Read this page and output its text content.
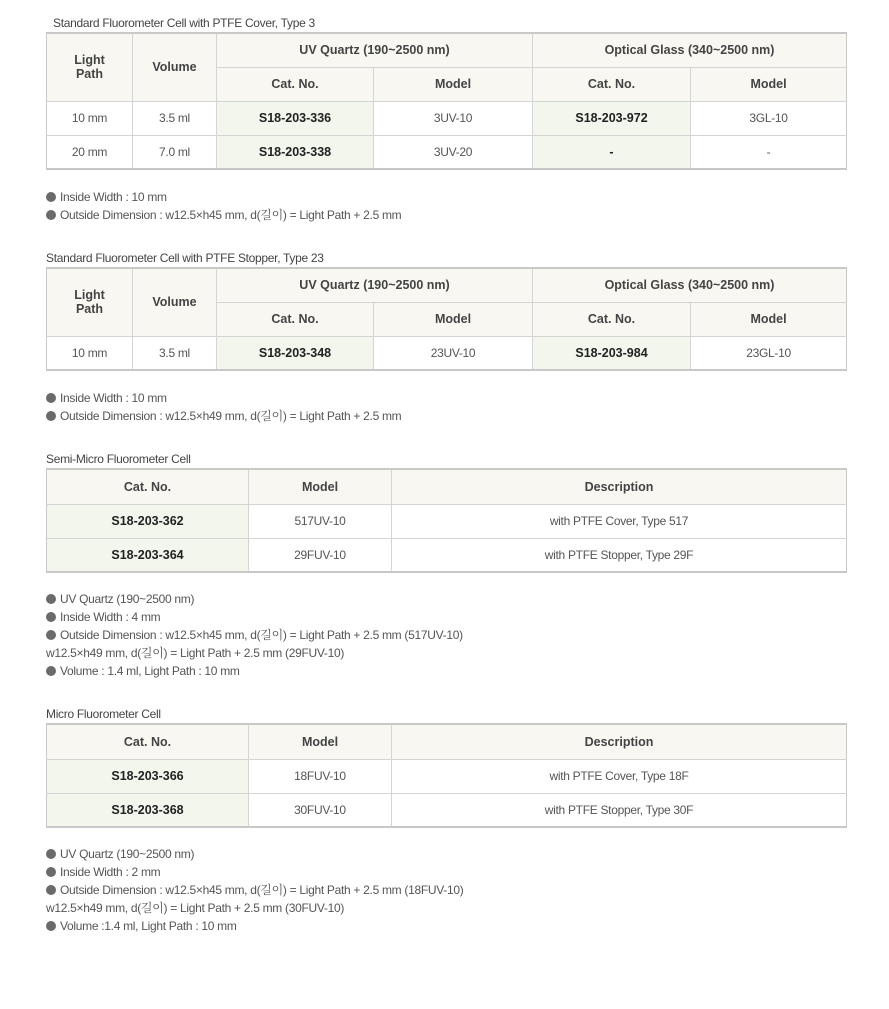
Standard Fluorometer Cell with PTFE Cover, Type 3
Light
Path	Volume	UV Quartz (190~2500 nm)		Optical Glass (340~2500 nm)	
		Cat. No.	Model	Cat. No.	Model
10 mm	3.5 ml	S18-203-336	3UV-10	S18-203-972	3GL-10
20 mm	7.0 ml	S18-203-338	3UV-20	-	-
Inside Width : 10 mm
Outside Dimension : w12.5×h45 mm, d(길이) = Light Path + 2.5 mm
Standard Fluorometer Cell with PTFE Stopper, Type 23
Light
Path	Volume	UV Quartz (190~2500 nm)		Optical Glass (340~2500 nm)	
		Cat. No.	Model	Cat. No.	Model
10 mm	3.5 ml	S18-203-348	23UV-10	S18-203-984	23GL-10
Inside Width : 10 mm
Outside Dimension : w12.5×h49 mm, d(길이) = Light Path + 2.5 mm
Semi-Micro Fluorometer Cell
Cat. No.	Model	Description
S18-203-362	517UV-10	with PTFE Cover, Type 517
S18-203-364	29FUV-10	with PTFE Stopper, Type 29F
UV Quartz (190~2500 nm)
Inside Width : 4 mm
Outside Dimension : w12.5×h45 mm, d(길이) = Light Path + 2.5 mm (517UV-10)
w12.5×h49 mm, d(길이) = Light Path + 2.5 mm (29FUV-10)
Volume : 1.4 ml, Light Path : 10 mm
Micro Fluorometer Cell
Cat. No.	Model	Description
S18-203-366	18FUV-10	with PTFE Cover, Type 18F
S18-203-368	30FUV-10	with PTFE Stopper, Type 30F
UV Quartz (190~2500 nm)
Inside Width : 2 mm
Outside Dimension : w12.5×h45 mm, d(길이) = Light Path + 2.5 mm (18FUV-10)
w12.5×h49 mm, d(길이) = Light Path + 2.5 mm (30FUV-10)
Volume :1.4 ml, Light Path : 10 mm
